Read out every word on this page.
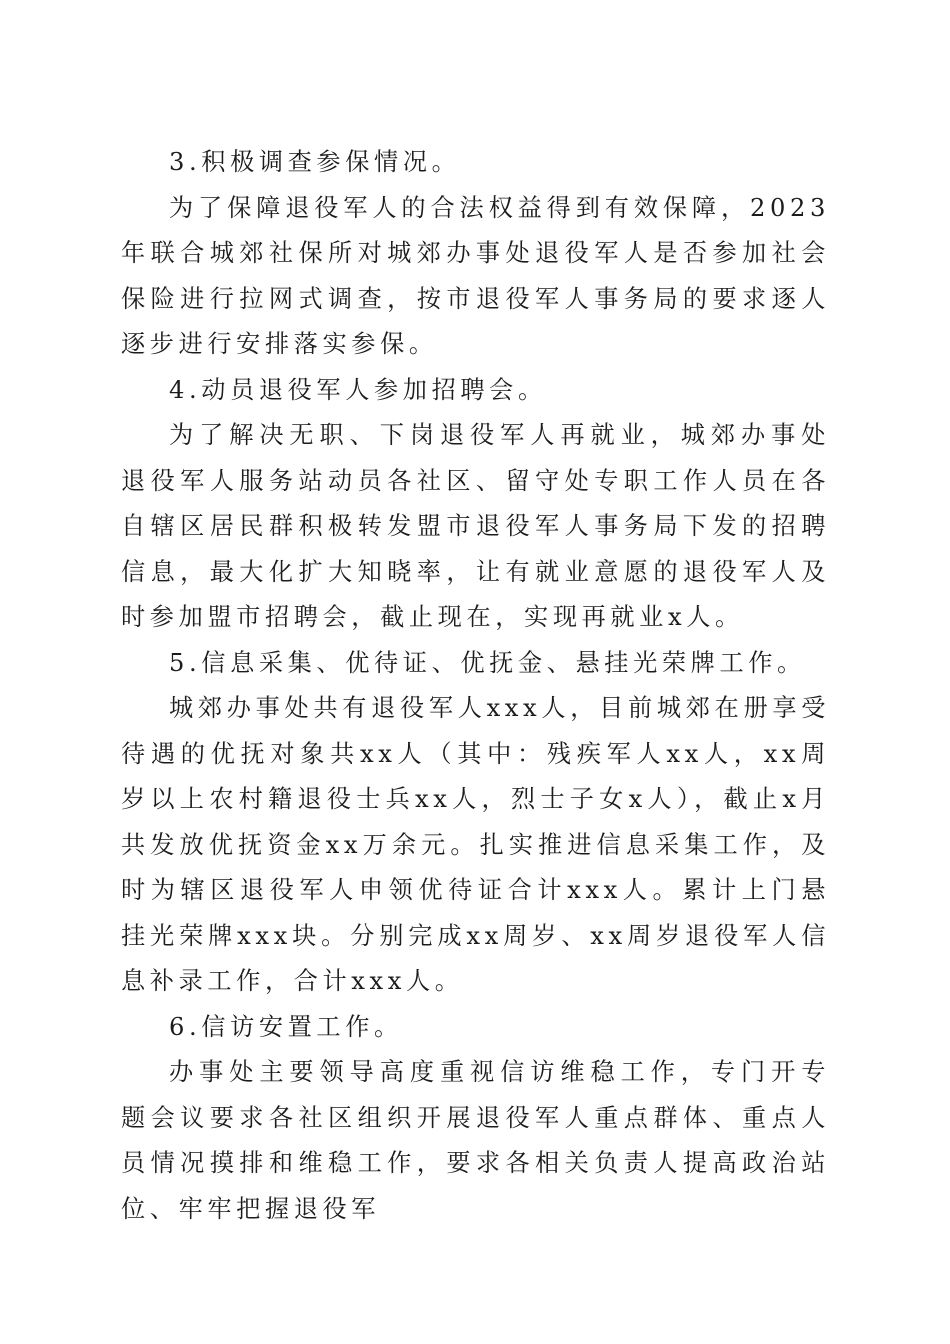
3.积极调查参保情况。

为了保障退役军人的合法权益得到有效保障，2023年联合城郊社保所对城郊办事处退役军人是否参加社会保险进行拉网式调查，按市退役军人事务局的要求逐人逐步进行安排落实参保。

4.动员退役军人参加招聘会。

为了解决无职、下岗退役军人再就业，城郊办事处退役军人服务站动员各社区、留守处专职工作人员在各自辖区居民群积极转发盟市退役军人事务局下发的招聘信息，最大化扩大知晓率，让有就业意愿的退役军人及时参加盟市招聘会，截止现在，实现再就业x人。

5.信息采集、优待证、优抚金、悬挂光荣牌工作。

城郊办事处共有退役军人xxx人，目前城郊在册享受待遇的优抚对象共xx人（其中：残疾军人xx人，xx周岁以上农村籍退役士兵xx人，烈士子女x人），截止x月共发放优抚资金xx万余元。扎实推进信息采集工作，及时为辖区退役军人申领优待证合计xxx人。累计上门悬挂光荣牌xxx块。分别完成xx周岁、xx周岁退役军人信息补录工作，合计xxx人。

6.信访安置工作。

办事处主要领导高度重视信访维稳工作，专门开专题会议要求各社区组织开展退役军人重点群体、重点人员情况摸排和维稳工作，要求各相关负责人提高政治站位、牢牢把握退役军
